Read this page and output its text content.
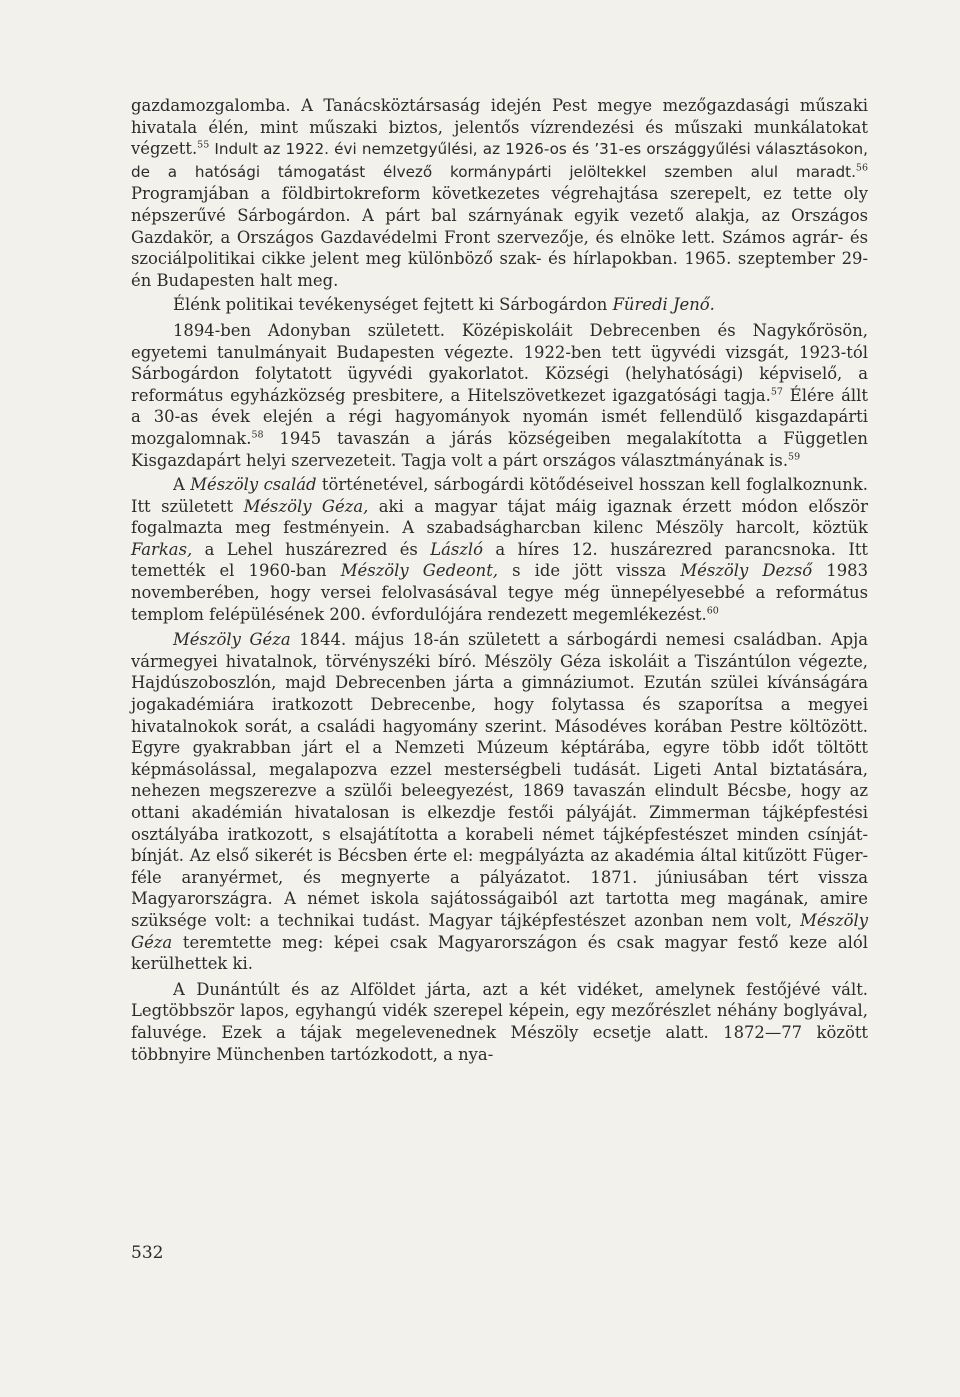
gazdamozgalomba. A Tanácsköztársaság idején Pest megye mezőgazdasági műszaki hivatala élén, mint műszaki biztos, jelentős vízrendezési és műszaki munkálatokat végzett.$^{55}$ Indult az 1922. évi nemzetgyűlési, az 1926-os és ’31-es országgyűlési választásokon, de a hatósági támogatást élvező kormánypárti jelöltekkel szemben alul maradt.$^{56}$ Programjában a földbirtokreform következetes végrehajtása szerepelt, ez tette oly népszerűvé Sárbogárdon. A párt bal szárnyának egyik vezető alakja, az Országos Gazdakör, a Országos Gazdavédelmi Front szervezője, és elnöke lett. Számos agrár- és szociálpolitikai cikke jelent meg különböző szak- és hírlapokban. 1965. szeptember 29-én Budapesten halt meg.

Élénk politikai tevékenységet fejtett ki Sárbogárdon Füredi Jenő.

1894-ben Adonyban született. Középiskoláit Debrecenben és Nagykőrösön, egyetemi tanulmányait Budapesten végezte. 1922-ben tett ügyvédi vizsgát, 1923-tól Sárbogárdon folytatott ügyvédi gyakorlatot. Községi (helyhatósági) képviselő, a református egyházközség presbitere, a Hitelszövetkezet igazgatósági tagja.$^{57}$ Élére állt a 30-as évek elején a régi hagyományok nyomán ismét fellendülő kisgazdapárti mozgalomnak.$^{58}$ 1945 tavaszán a járás községeiben megalakította a Független Kisgazdapárt helyi szervezeteit. Tagja volt a párt országos választmányának is.$^{59}$

A Mészöly család történetével, sárbogárdi kötődéseivel hosszan kell foglalkoznunk. Itt született Mészöly Géza, aki a magyar tájat máig igaznak érzett módon először fogalmazta meg festményein. A szabadságharcban kilenc Mészöly harcolt, köztük Farkas, a Lehel huszárezred és László a híres 12. huszárezred parancsnoka. Itt temették el 1960-ban Mészöly Gedeont, s ide jött vissza Mészöly Dezső 1983 novemberében, hogy versei felolvasásával tegye még ünnepélyesebbé a református templom felépülésének 200. évfordulójára rendezett megemlékezést.$^{60}$

Mészöly Géza 1844. május 18-án született a sárbogárdi nemesi családban. Apja vármegyei hivatalnok, törvényszéki bíró. Mészöly Géza iskoláit a Tiszántúlon végezte, Hajdúszoboszlón, majd Debrecenben járta a gimnáziumot. Ezután szülei kívánságára jogakadémiára iratkozott Debrecenbe, hogy folytassa és szaporítsa a megyei hivatalnokok sorát, a családi hagyomány szerint. Másodéves korában Pestre költözött. Egyre gyakrabban járt el a Nemzeti Múzeum képtárába, egyre több időt töltött képmásolással, megalapozva ezzel mesterségbeli tudását. Ligeti Antal biztatására, nehezen megszerezve a szülői beleegyezést, 1869 tavaszán elindult Bécsbe, hogy az ottani akadémián hivatalosan is elkezdje festői pályáját. Zimmerman tájképfestési osztályába iratkozott, s elsajátította a korabeli német tájképfestészet minden csínját-bínját. Az első sikerét is Bécsben érte el: megpályázta az akadémia által kitűzött Füger-féle aranyérmet, és megnyerte a pályázatot. 1871. júniusában tért vissza Magyarországra. A német iskola sajátosságaiból azt tartotta meg magának, amire szüksége volt: a technikai tudást. Magyar tájképfestészet azonban nem volt, Mészöly Géza teremtette meg: képei csak Magyarországon és csak magyar festő keze alól kerülhettek ki.

A Dunántúlt és az Alföldet járta, azt a két vidéket, amelynek festőjévé vált. Legtöbbször lapos, egyhangú vidék szerepel képein, egy mezőrészlet néhány boglyával, faluvége. Ezek a tájak megelevenednek Mészöly ecsetje alatt. 1872—77 között többnyire Münchenben tartózkodott, a nya-

532
